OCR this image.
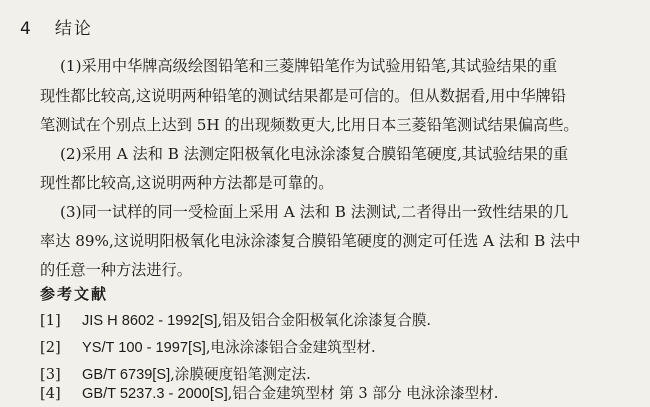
4 结论
(1)采用中华牌高级绘图铅笔和三菱牌铅笔作为试验用铅笔,其试验结果的重
现性都比较高,这说明两种铅笔的测试结果都是可信的。但从数据看,用中华牌铅
笔测试在个别点上达到 5H 的出现频数更大,比用日本三菱铅笔测试结果偏高些。
(2)采用 A 法和 B 法测定阳极氧化电泳涂漆复合膜铅笔硬度,其试验结果的重
现性都比较高,这说明两种方法都是可靠的。
(3)同一试样的同一受检面上采用 A 法和 B 法测试,二者得出一致性结果的几
率达 89%,这说明阳极氧化电泳涂漆复合膜铅笔硬度的测定可任选 A 法和 B 法中
的任意一种方法进行。
参考文献
[1] JIS H 8602 - 1992[S],铝及铝合金阳极氧化涂漆复合膜.
[2] YS/T 100 - 1997[S],电泳涂漆铝合金建筑型材.
[3] GB/T 6739[S],涂膜硬度铅笔测定法.
[4] GB/T 5237.3 - 2000[S],铝合金建筑型材 第 3 部分 电泳涂漆型材.
